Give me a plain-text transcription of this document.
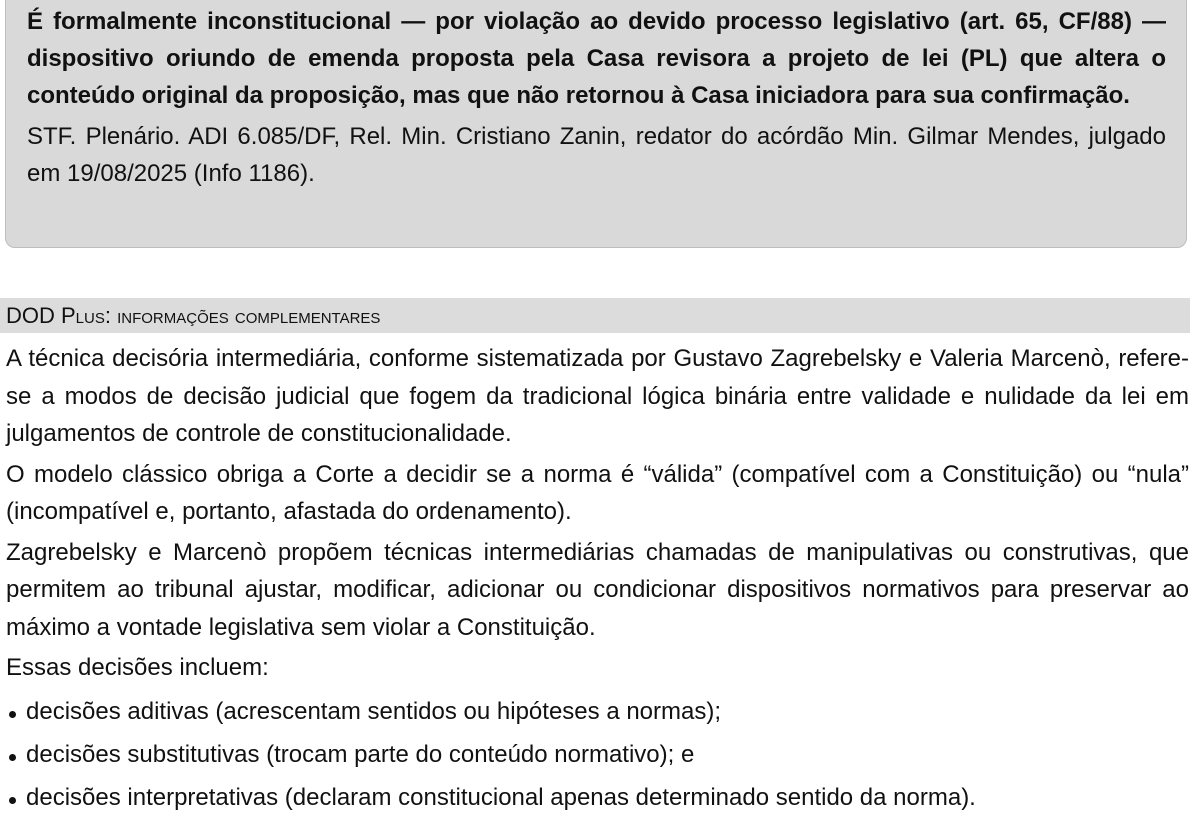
É formalmente inconstitucional — por violação ao devido processo legislativo (art. 65, CF/88) — dispositivo oriundo de emenda proposta pela Casa revisora a projeto de lei (PL) que altera o conteúdo original da proposição, mas que não retornou à Casa iniciadora para sua confirmação.

STF. Plenário. ADI 6.085/DF, Rel. Min. Cristiano Zanin, redator do acórdão Min. Gilmar Mendes, julgado em 19/08/2025 (Info 1186).

DOD Plus: informações complementares

A técnica decisória intermediária, conforme sistematizada por Gustavo Zagrebelsky e Valeria Marcenò, refere-se a modos de decisão judicial que fogem da tradicional lógica binária entre validade e nulidade da lei em julgamentos de controle de constitucionalidade.

O modelo clássico obriga a Corte a decidir se a norma é “válida” (compatível com a Constituição) ou “nula” (incompatível e, portanto, afastada do ordenamento).

Zagrebelsky e Marcenò propõem técnicas intermediárias chamadas de manipulativas ou construtivas, que permitem ao tribunal ajustar, modificar, adicionar ou condicionar dispositivos normativos para preservar ao máximo a vontade legislativa sem violar a Constituição.

Essas decisões incluem:

decisões aditivas (acrescentam sentidos ou hipóteses a normas);
decisões substitutivas (trocam parte do conteúdo normativo); e
decisões interpretativas (declaram constitucional apenas determinado sentido da norma).
